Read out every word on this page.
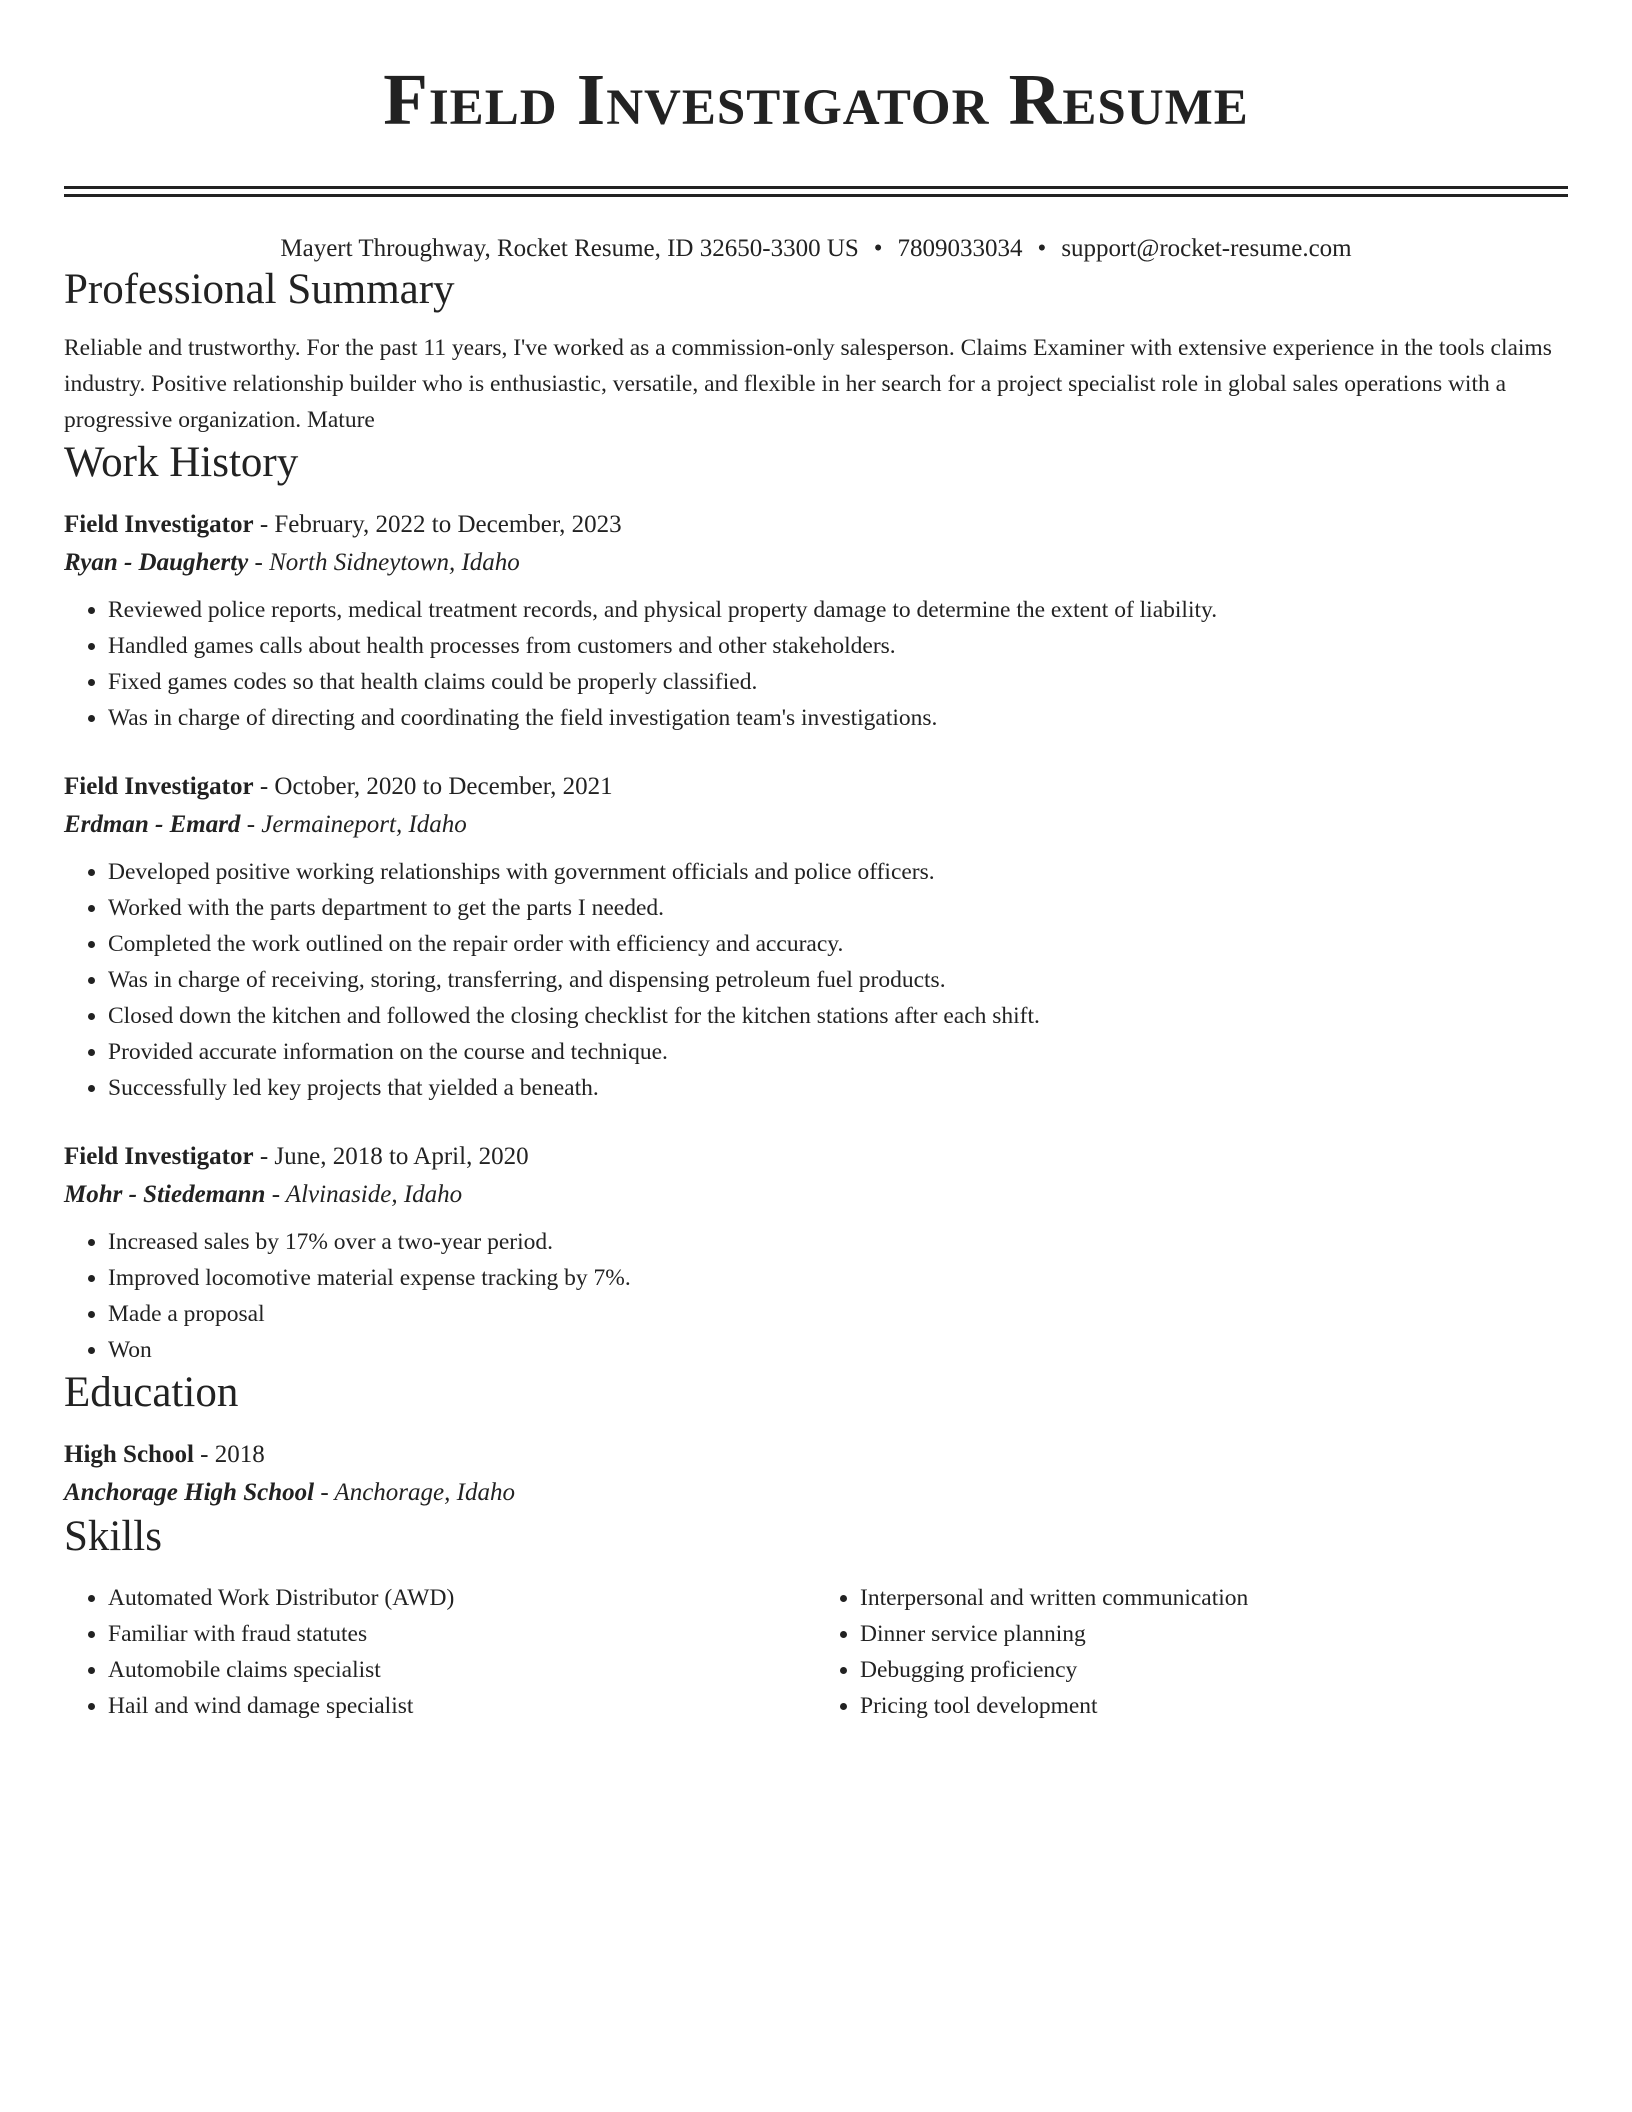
Field Investigator Resume
Mayert Throughway, Rocket Resume, ID 32650-3300 US • 7809033034 • support@rocket-resume.com
Professional Summary
Reliable and trustworthy. For the past 11 years, I've worked as a commission-only salesperson. Claims Examiner with extensive experience in the tools claims industry. Positive relationship builder who is enthusiastic, versatile, and flexible in her search for a project specialist role in global sales operations with a progressive organization. Mature
Work History
Field Investigator - February, 2022 to December, 2023
Ryan - Daugherty - North Sidneytown, Idaho
• Reviewed police reports, medical treatment records, and physical property damage to determine the extent of liability.
• Handled games calls about health processes from customers and other stakeholders.
• Fixed games codes so that health claims could be properly classified.
• Was in charge of directing and coordinating the field investigation team's investigations.
Field Investigator - October, 2020 to December, 2021
Erdman - Emard - Jermaineport, Idaho
• Developed positive working relationships with government officials and police officers.
• Worked with the parts department to get the parts I needed.
• Completed the work outlined on the repair order with efficiency and accuracy.
• Was in charge of receiving, storing, transferring, and dispensing petroleum fuel products.
• Closed down the kitchen and followed the closing checklist for the kitchen stations after each shift.
• Provided accurate information on the course and technique.
• Successfully led key projects that yielded a beneath.
Field Investigator - June, 2018 to April, 2020
Mohr - Stiedemann - Alvinaside, Idaho
• Increased sales by 17% over a two-year period.
• Improved locomotive material expense tracking by 7%.
• Made a proposal
• Won
Education
High School - 2018
Anchorage High School - Anchorage, Idaho
Skills
• Automated Work Distributor (AWD)
• Familiar with fraud statutes
• Automobile claims specialist
• Hail and wind damage specialist
• Interpersonal and written communication
• Dinner service planning
• Debugging proficiency
• Pricing tool development
